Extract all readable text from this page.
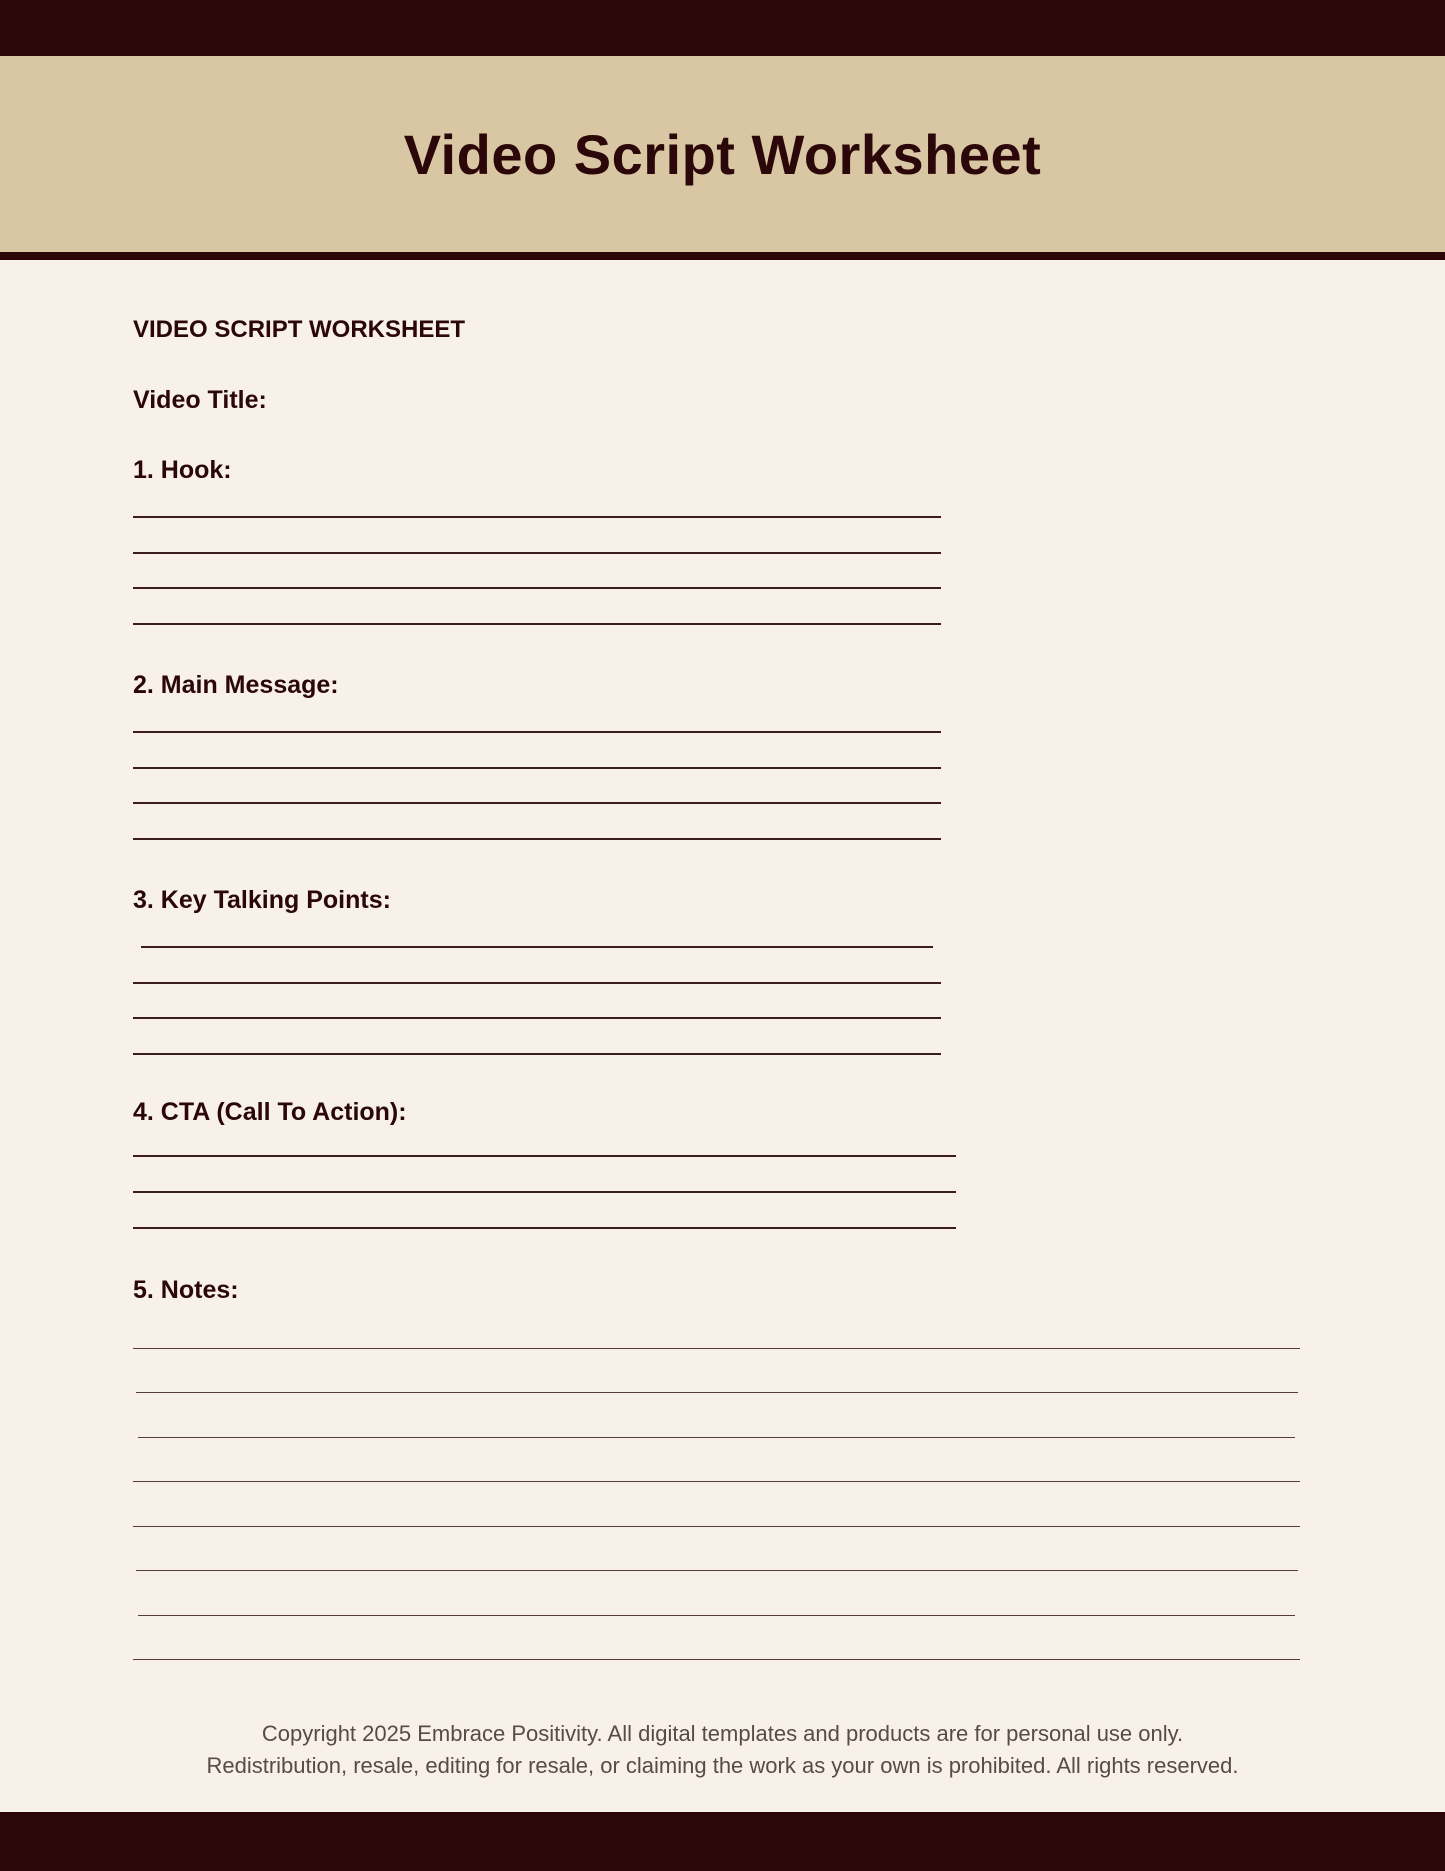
Video Script Worksheet
VIDEO SCRIPT WORKSHEET
Video Title:
1. Hook:
2. Main Message:
3. Key Talking Points:
4. CTA (Call To Action):
5. Notes:

Copyright 2025 Embrace Positivity. All digital templates and products are for personal use only.

Redistribution, resale, editing for resale, or claiming the work as your own is prohibited. All rights reserved.
